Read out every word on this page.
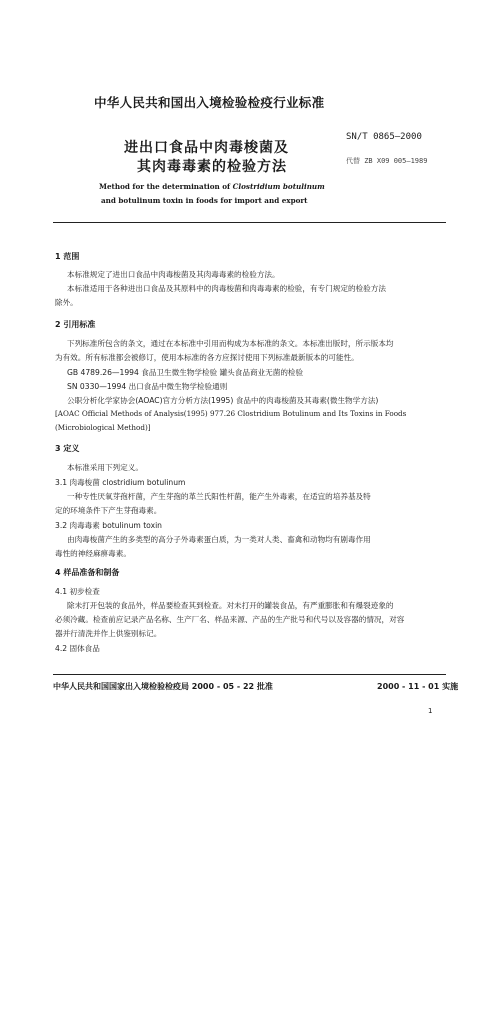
中华人民共和国出入境检验检疫行业标准
进出口食品中肉毒梭菌及
其肉毒毒素的检验方法
SN/T 0865—2000
代替 ZB X09 005—1989
Method for the determination of Clostridium botulinum
and botulinum toxin in foods for import and export
1 范围
本标准规定了进出口食品中肉毒梭菌及其肉毒毒素的检验方法。
本标准适用于各种进出口食品及其原料中的肉毒梭菌和肉毒毒素的检验，有专门规定的检验方法
除外。
2 引用标准
下列标准所包含的条文，通过在本标准中引用而构成为本标准的条文。本标准出版时，所示版本均
为有效。所有标准都会被修订，使用本标准的各方应探讨使用下列标准最新版本的可能性。
GB 4789.26—1994 食品卫生微生物学检验 罐头食品商业无菌的检验
SN 0330—1994 出口食品中微生物学检验通则
公职分析化学家协会(AOAC)官方分析方法(1995) 食品中的肉毒梭菌及其毒素(微生物学方法)
[AOAC Official Methods of Analysis(1995) 977.26 Clostridium Botulinum and Its Toxins in Foods
(Microbiological Method)]
3 定义
本标准采用下列定义。
3.1 肉毒梭菌 clostridium botulinum
一种专性厌氧芽孢杆菌，产生芽孢的革兰氏阳性杆菌，能产生外毒素，在适宜的培养基及特
定的环境条件下产生芽孢毒素。
3.2 肉毒毒素 botulinum toxin
由肉毒梭菌产生的多类型的高分子外毒素蛋白质，为一类对人类、畜禽和动物均有剧毒作用
毒性的神经麻痹毒素。
4 样品准备和制备
4.1 初步检查
除未打开包装的食品外，样品要检查其到检查。对未打开的罐装食品，有严重膨胀和有爆裂迹象的
必须冷藏。检查前应记录产品名称、生产厂名、样品来源、产品的生产批号和代号以及容器的情况，对容
器并行清洗并作上供鉴别标记。
4.2 固体食品
中华人民共和国国家出入境检验检疫局 2000 - 05 - 22 批准	2000 - 11 - 01 实施
1
